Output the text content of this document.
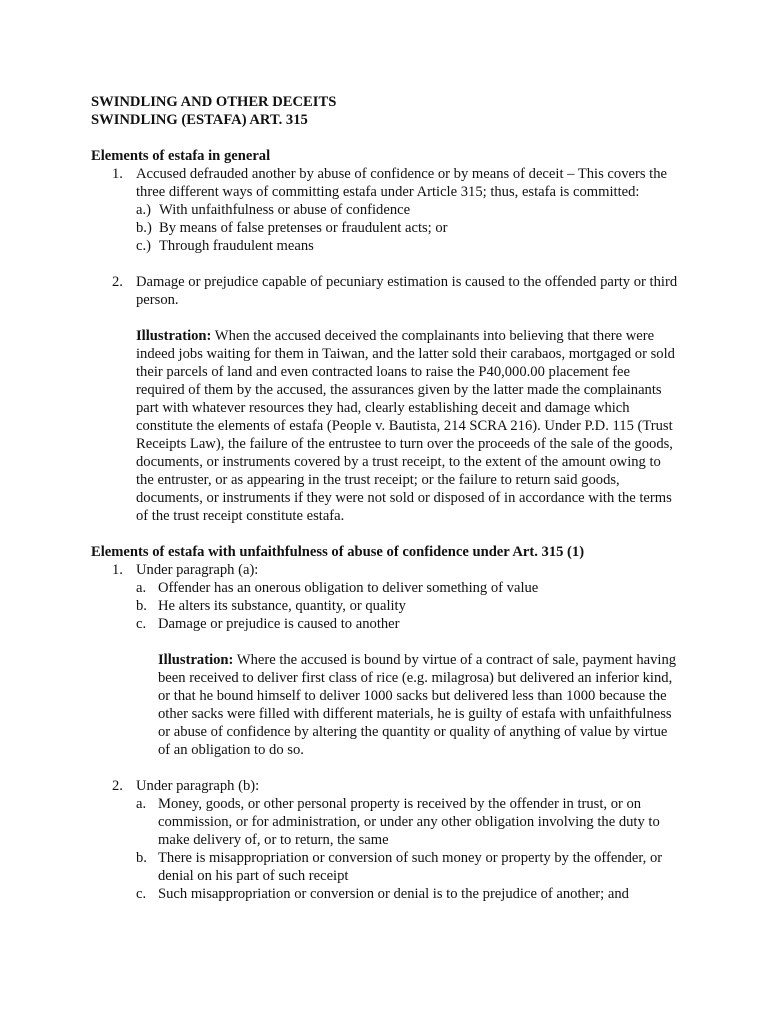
SWINDLING AND OTHER DECEITS

SWINDLING (ESTAFA) ART. 315

Elements of estafa in general

1. Accused defrauded another by abuse of confidence or by means of deceit – This covers the three different ways of committing estafa under Article 315; thus, estafa is committed:

a.) With unfaithfulness or abuse of confidence
b.) By means of false pretenses or fraudulent acts; or
c.) Through fraudulent means
2. Damage or prejudice capable of pecuniary estimation is caused to the offended party or third person.

Illustration: When the accused deceived the complainants into believing that there were indeed jobs waiting for them in Taiwan, and the latter sold their carabaos, mortgaged or sold their parcels of land and even contracted loans to raise the P40,000.00 placement fee required of them by the accused, the assurances given by the latter made the complainants part with whatever resources they had, clearly establishing deceit and damage which constitute the elements of estafa (People v. Bautista, 214 SCRA 216). Under P.D. 115 (Trust Receipts Law), the failure of the entrustee to turn over the proceeds of the sale of the goods, documents, or instruments covered by a trust receipt, to the extent of the amount owing to the entruster, or as appearing in the trust receipt; or the failure to return said goods, documents, or instruments if they were not sold or disposed of in accordance with the terms of the trust receipt constitute estafa.

Elements of estafa with unfaithfulness of abuse of confidence under Art. 315 (1)

1. Under paragraph (a):

a. Offender has an onerous obligation to deliver something of value
b. He alters its substance, quantity, or quality
c. Damage or prejudice is caused to another

Illustration: Where the accused is bound by virtue of a contract of sale, payment having been received to deliver first class of rice (e.g. milagrosa) but delivered an inferior kind, or that he bound himself to deliver 1000 sacks but delivered less than 1000 because the other sacks were filled with different materials, he is guilty of estafa with unfaithfulness or abuse of confidence by altering the quantity or quality of anything of value by virtue of an obligation to do so.

2. Under paragraph (b):

a. Money, goods, or other personal property is received by the offender in trust, or on commission, or for administration, or under any other obligation involving the duty to make delivery of, or to return, the same
b. There is misappropriation or conversion of such money or property by the offender, or denial on his part of such receipt
c. Such misappropriation or conversion or denial is to the prejudice of another; and
